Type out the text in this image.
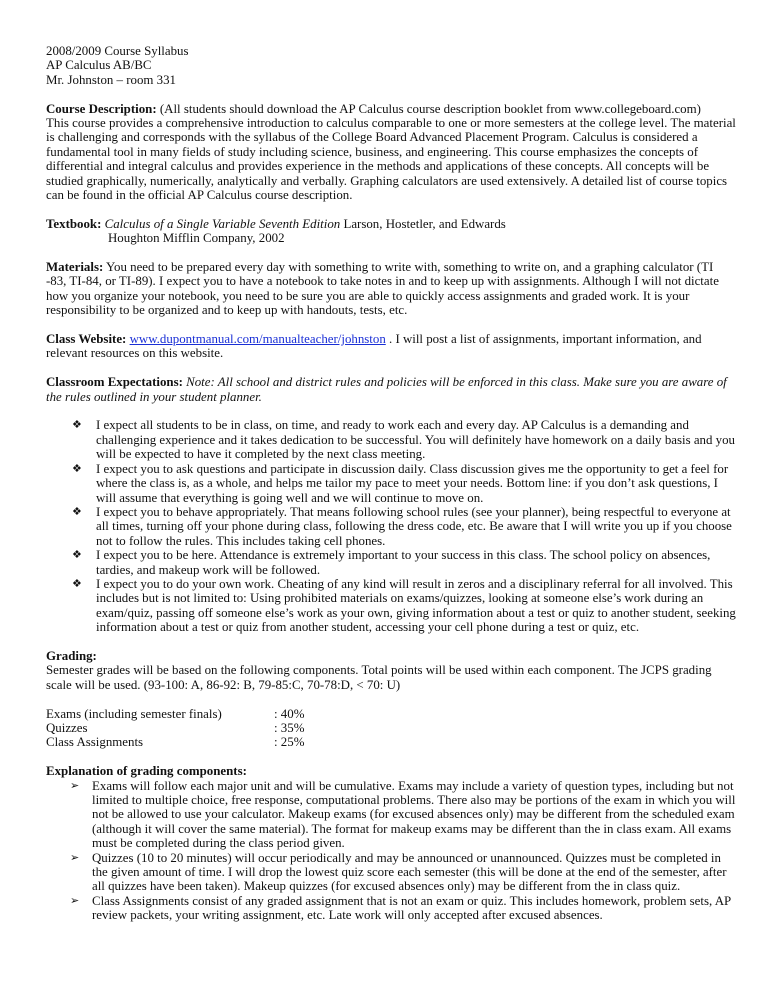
2008/2009 Course Syllabus

AP Calculus AB/BC

Mr. Johnston – room 331

Course Description: (All students should download the AP Calculus course description booklet from www.collegeboard.com)

This course provides a comprehensive introduction to calculus comparable to one or more semesters at the college level. The material is challenging and corresponds with the syllabus of the College Board Advanced Placement Program. Calculus is considered a fundamental tool in many fields of study including science, business, and engineering. This course emphasizes the concepts of differential and integral calculus and provides experience in the methods and applications of these concepts. All concepts will be studied graphically, numerically, analytically and verbally. Graphing calculators are used extensively. A detailed list of course topics can be found in the official AP Calculus course description.

Textbook: Calculus of a Single Variable Seventh Edition Larson, Hostetler, and Edwards

Houghton Mifflin Company, 2002

Materials: You need to be prepared every day with something to write with, something to write on, and a graphing calculator (TI -83, TI-84, or TI-89). I expect you to have a notebook to take notes in and to keep up with assignments. Although I will not dictate how you organize your notebook, you need to be sure you are able to quickly access assignments and graded work. It is your responsibility to be organized and to keep up with handouts, tests, etc.

Class Website: www.dupontmanual.com/manualteacher/johnston . I will post a list of assignments, important information, and relevant resources on this website.

Classroom Expectations: Note: All school and district rules and policies will be enforced in this class. Make sure you are aware of the rules outlined in your student planner.

❖ I expect all students to be in class, on time, and ready to work each and every day. AP Calculus is a demanding and challenging experience and it takes dedication to be successful. You will definitely have homework on a daily basis and you will be expected to have it completed by the next class meeting.
❖ I expect you to ask questions and participate in discussion daily. Class discussion gives me the opportunity to get a feel for where the class is, as a whole, and helps me tailor my pace to meet your needs. Bottom line: if you don’t ask questions, I will assume that everything is going well and we will continue to move on.
❖ I expect you to behave appropriately. That means following school rules (see your planner), being respectful to everyone at all times, turning off your phone during class, following the dress code, etc. Be aware that I will write you up if you choose not to follow the rules. This includes taking cell phones.
❖ I expect you to be here. Attendance is extremely important to your success in this class. The school policy on absences, tardies, and makeup work will be followed.
❖ I expect you to do your own work. Cheating of any kind will result in zeros and a disciplinary referral for all involved. This includes but is not limited to: Using prohibited materials on exams/quizzes, looking at someone else’s work during an exam/quiz, passing off someone else’s work as your own, giving information about a test or quiz to another student, seeking information about a test or quiz from another student, accessing your cell phone during a test or quiz, etc.

Grading:

Semester grades will be based on the following components. Total points will be used within each component. The JCPS grading scale will be used. (93-100: A, 86-92: B, 79-85:C, 70-78:D, < 70: U)

Exams (including semester finals)	: 40%
Quizzes	: 35%
Class Assignments	: 25%

Explanation of grading components:

➢ Exams will follow each major unit and will be cumulative. Exams may include a variety of question types, including but not limited to multiple choice, free response, computational problems. There also may be portions of the exam in which you will not be allowed to use your calculator. Makeup exams (for excused absences only) may be different from the scheduled exam (although it will cover the same material). The format for makeup exams may be different than the in class exam. All exams must be completed during the class period given.
➢ Quizzes (10 to 20 minutes) will occur periodically and may be announced or unannounced. Quizzes must be completed in the given amount of time. I will drop the lowest quiz score each semester (this will be done at the end of the semester, after all quizzes have been taken). Makeup quizzes (for excused absences only) may be different from the in class quiz.
➢ Class Assignments consist of any graded assignment that is not an exam or quiz. This includes homework, problem sets, AP review packets, your writing assignment, etc. Late work will only accepted after excused absences.
